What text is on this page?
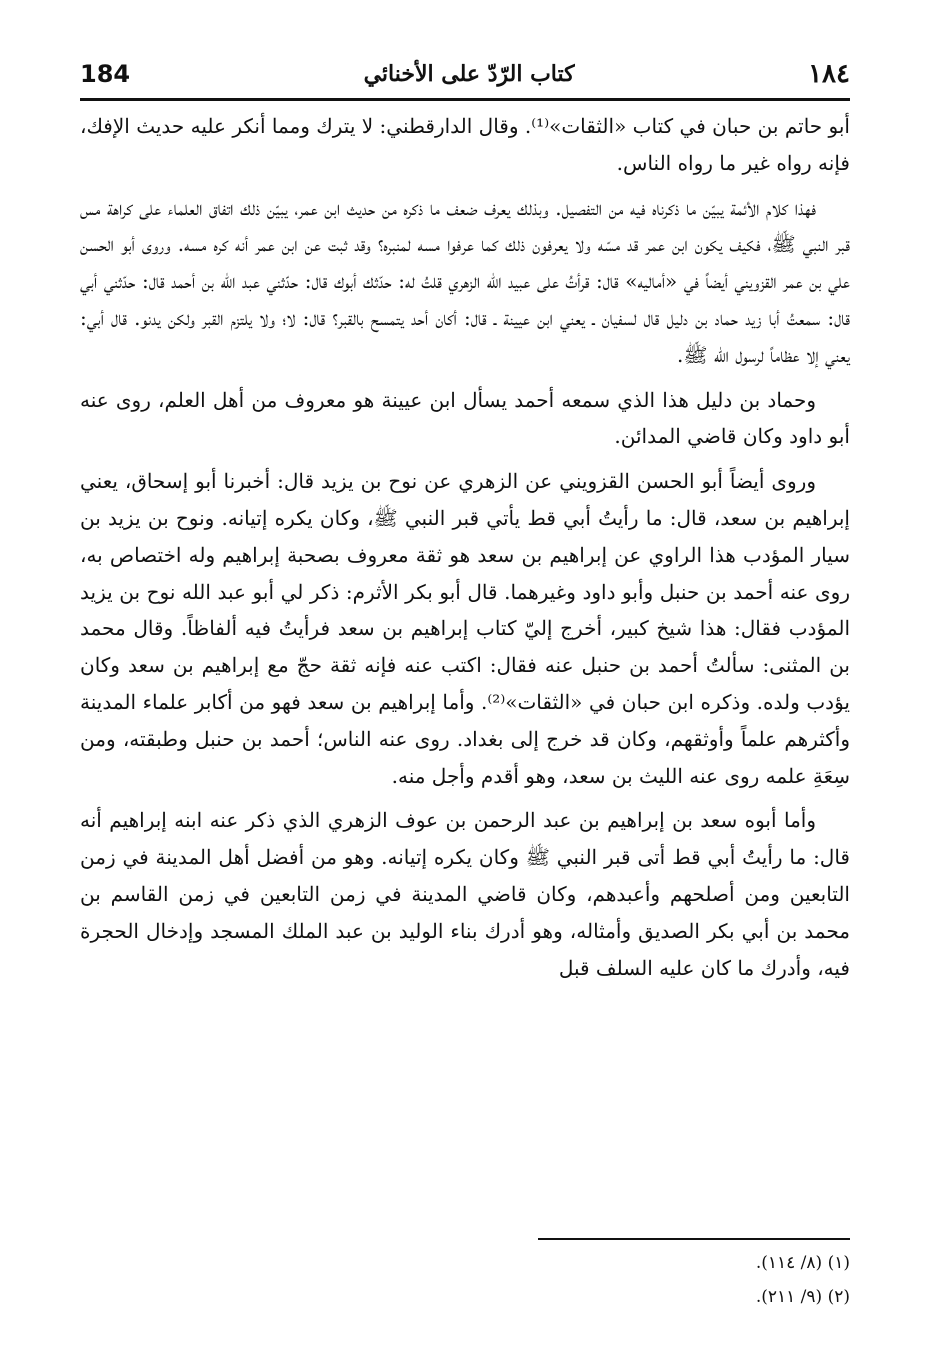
184	كتاب الرّدّ على الأخنائي	١٨٤

أبو حاتم بن حبان في كتاب «الثقات»⁽¹⁾. وقال الدارقطني: لا يترك ومما أنكر عليه حديث الإفك، فإنه رواه غير ما رواه الناس.

فهذا كلام الأئمة يبيّن ما ذكرناه فيه من التفصيل. وبذلك يعرف ضعف ما ذكره من حديث ابن عمر، يبيّن ذلك اتفاق العلماء على كراهة مس قبر النبي ﷺ، فكيف يكون ابن عمر قد مسّه ولا يعرفون ذلك كما عرفوا مسه لمنبره؟ وقد ثبت عن ابن عمر أنه كره مسه. وروى أبو الحسن علي بن عمر القزويني أيضاً في «أماليه» قال: قرأتُ على عبيد الله الزهري قلتُ له: حدّثك أبوك قال: حدّثني عبد الله بن أحمد قال: حدّثني أبي قال: سمعتُ أبا زيد حماد بن دليل قال لسفيان ـ يعني ابن عيينة ـ قال: أكان أحد يتمسح بالقبر؟ قال: لا؛ ولا يلتزم القبر ولكن يدنو. قال أبي: يعني إلا عظاماً لرسول الله ﷺ.

وحماد بن دليل هذا الذي سمعه أحمد يسأل ابن عيينة هو معروف من أهل العلم، روى عنه أبو داود وكان قاضي المدائن.

وروى أيضاً أبو الحسن القزويني عن الزهري عن نوح بن يزيد قال: أخبرنا أبو إسحاق، يعني إبراهيم بن سعد، قال: ما رأيتُ أبي قط يأتي قبر النبي ﷺ، وكان يكره إتيانه. ونوح بن يزيد بن سيار المؤدب هذا الراوي عن إبراهيم بن سعد هو ثقة معروف بصحبة إبراهيم وله اختصاص به، روى عنه أحمد بن حنبل وأبو داود وغيرهما. قال أبو بكر الأثرم: ذكر لي أبو عبد الله نوح بن يزيد المؤدب فقال: هذا شيخ كبير، أخرج إليّ كتاب إبراهيم بن سعد فرأيتُ فيه ألفاظاً. وقال محمد بن المثنى: سألتُ أحمد بن حنبل عنه فقال: اكتب عنه فإنه ثقة حجّ مع إبراهيم بن سعد وكان يؤدب ولده. وذكره ابن حبان في «الثقات»⁽²⁾. وأما إبراهيم بن سعد فهو من أكابر علماء المدينة وأكثرهم علماً وأوثقهم، وكان قد خرج إلى بغداد. روى عنه الناس؛ أحمد بن حنبل وطبقته، ومن سِعَةِ علمه روى عنه الليث بن سعد، وهو أقدم وأجل منه.

وأما أبوه سعد بن إبراهيم بن عبد الرحمن بن عوف الزهري الذي ذكر عنه ابنه إبراهيم أنه قال: ما رأيتُ أبي قط أتى قبر النبي ﷺ وكان يكره إتيانه. وهو من أفضل أهل المدينة في زمن التابعين ومن أصلحهم وأعبدهم، وكان قاضي المدينة في زمن التابعين في زمن القاسم بن محمد بن أبي بكر الصديق وأمثاله، وهو أدرك بناء الوليد بن عبد الملك المسجد وإدخال الحجرة فيه، وأدرك ما كان عليه السلف قبل

(١) (٨/ ١١٤).
(٢) (٩/ ٢١١).
